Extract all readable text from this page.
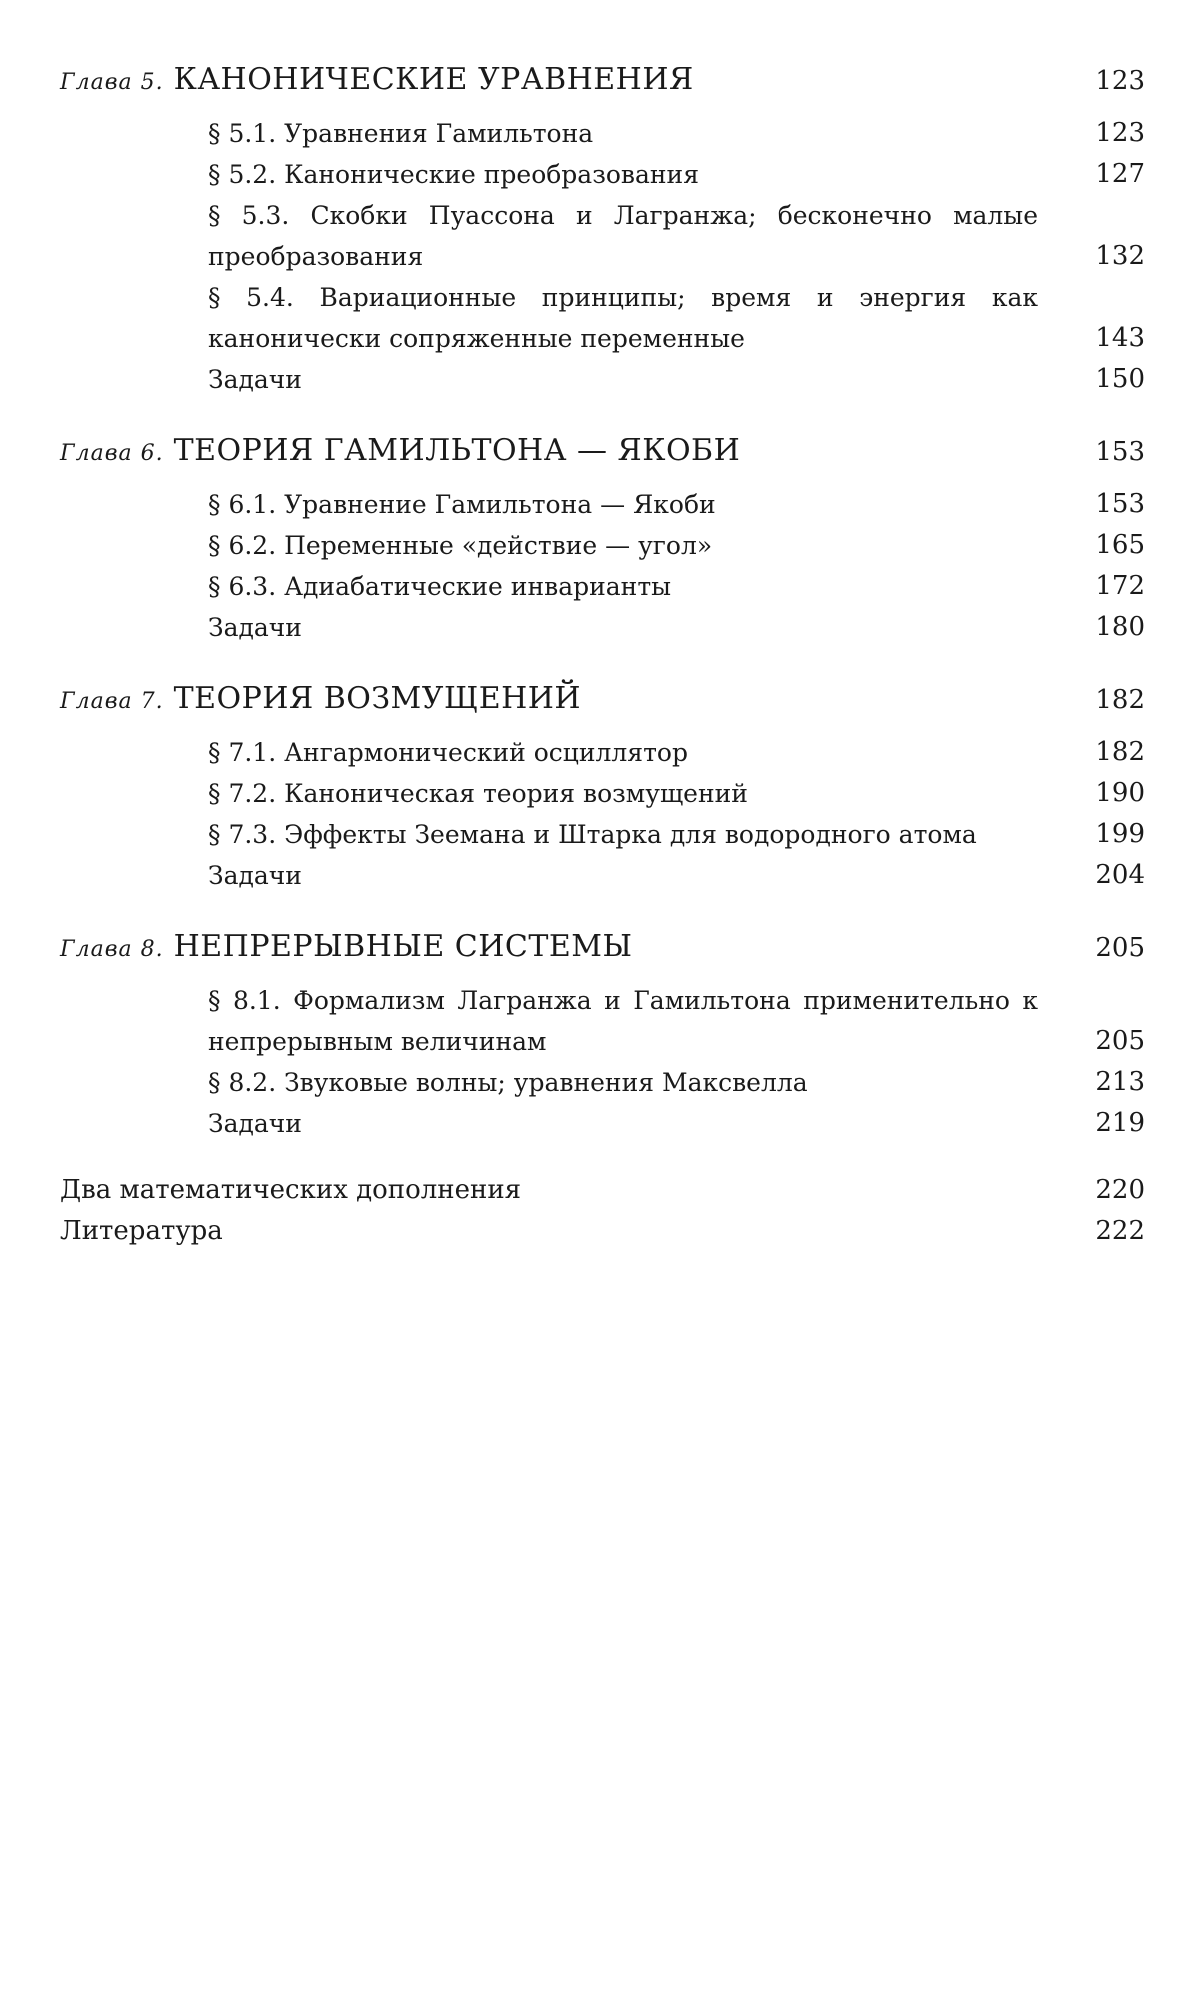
Глава 5. КАНОНИЧЕСКИЕ УРАВНЕНИЯ	123
§ 5.1. Уравнения Гамильтона	123
§ 5.2. Канонические преобразования	127
§ 5.3. Скобки Пуассона и Лагранжа; бесконечно малые преобразования	132
§ 5.4. Вариационные принципы; время и энергия как канонически сопряженные переменные	143
Задачи	150
Глава 6. ТЕОРИЯ ГАМИЛЬТОНА — ЯКОБИ	153
§ 6.1. Уравнение Гамильтона — Якоби	153
§ 6.2. Переменные «действие — угол»	165
§ 6.3. Адиабатические инварианты	172
Задачи	180
Глава 7. ТЕОРИЯ ВОЗМУЩЕНИЙ	182
§ 7.1. Ангармонический осциллятор	182
§ 7.2. Каноническая теория возмущений	190
§ 7.3. Эффекты Зеемана и Штарка для водородного атома	199
Задачи	204
Глава 8. НЕПРЕРЫВНЫЕ СИСТЕМЫ	205
§ 8.1. Формализм Лагранжа и Гамильтона применительно к непрерывным величинам	205
§ 8.2. Звуковые волны; уравнения Максвелла	213
Задачи	219
Два математических дополнения	220
Литература	222
